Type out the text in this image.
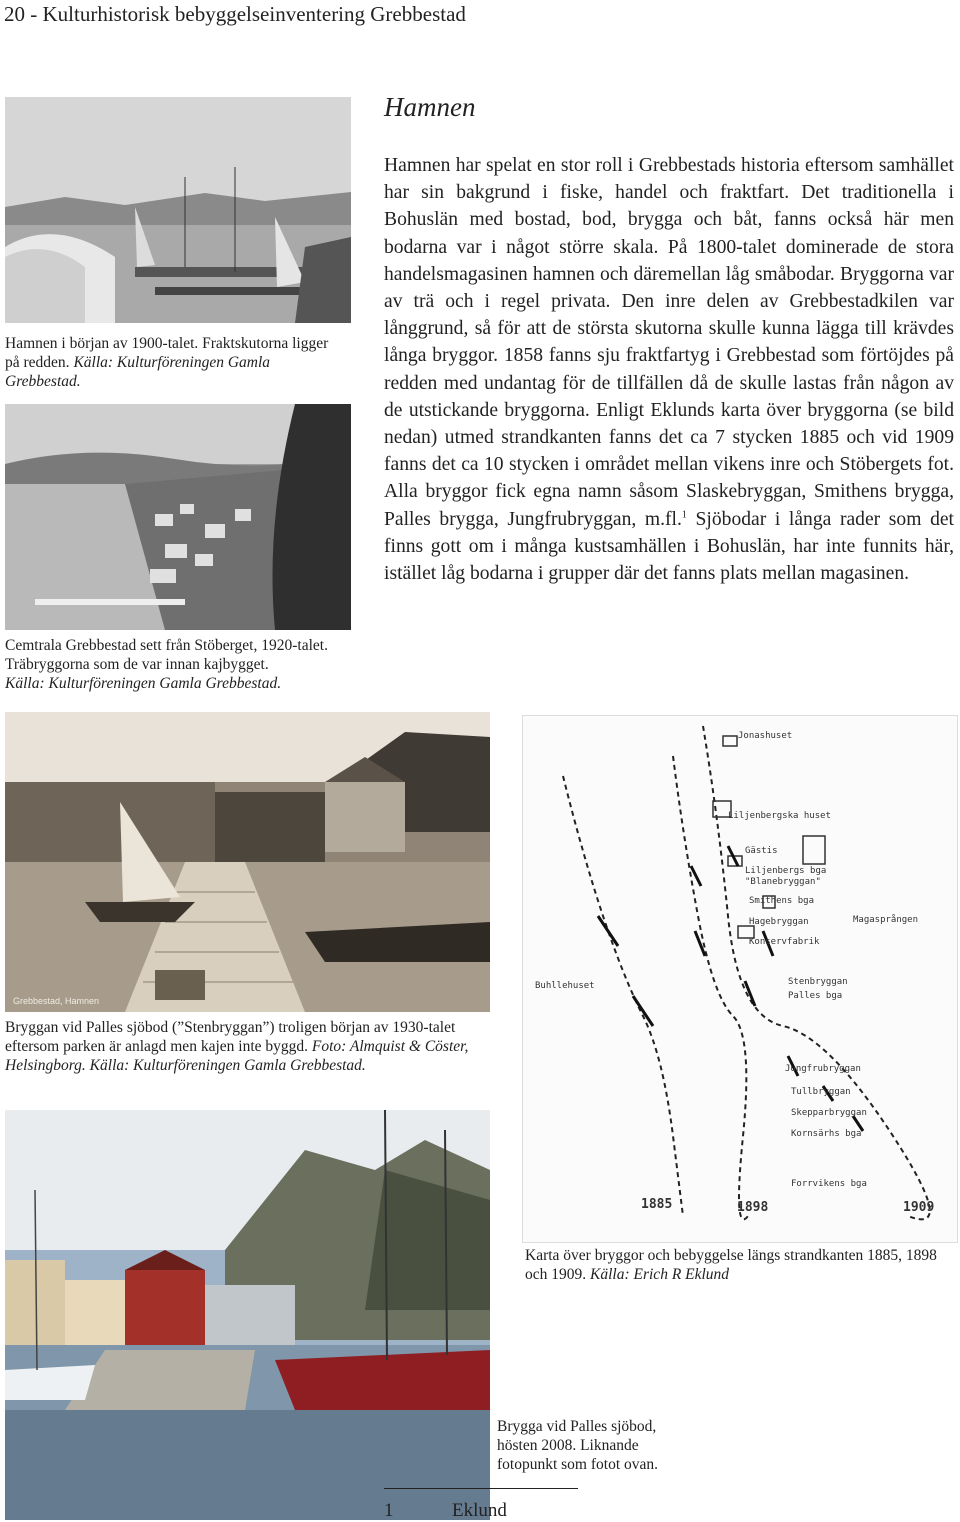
20 - Kulturhistorisk bebyggelseinventering Grebbestad
Hamnen i början av 1900-talet. Fraktskutorna ligger på redden. Källa: Kulturföreningen Gamla Grebbestad.
Cemtrala Grebbestad sett från Stöberget, 1920-talet. Träbryggorna som de var innan kajbygget.
Källa: Kulturföreningen Gamla Grebbestad.
Hamnen
Hamnen har spelat en stor roll i Grebbestads historia eftersom samhället har sin bakgrund i fiske, handel och fraktfart. Det traditionella i Bohuslän med bostad, bod, brygga och båt, fanns också här men bodarna var i något större skala. På 1800-talet dominerade de stora handelsmagasinen hamnen och däremellan låg småbodar. Bryggorna var av trä och i regel privata. Den inre delen av Grebbestadkilen var långgrund, så för att de största skutorna skulle kunna lägga till krävdes långa bryggor. 1858 fanns sju fraktfartyg i Grebbestad som förtöjdes på redden med undantag för de tillfällen då de skulle lastas från någon av de utstickande bryggorna. Enligt Eklunds karta över bryggorna (se bild nedan) utmed strandkanten fanns det ca 7 stycken 1885 och vid 1909 fanns det ca 10 stycken i området mellan vikens inre och Stöbergets fot. Alla bryggor fick egna namn såsom Slaskebryggan, Smithens brygga, Palles brygga, Jungfrubryggan, m.fl.$^1$ Sjöbodar i långa rader som det finns gott om i många kustsamhällen i Bohuslän, har inte funnits här, istället låg bodarna i grupper där det fanns plats mellan magasinen.
Grebbestad, Hamnen
Bryggan vid Palles sjöbod (”Stenbryggan”) troligen början av 1930-talet eftersom parken är anlagd men kajen inte byggd. Foto: Almquist & Cöster, Helsingborg. Källa: Kulturföreningen Gamla Grebbestad.
Jonashuset
Liljenbergska huset
Gästis
Liljenbergs bga
"Blanebryggan"
Smithens bga
Hagebryggan
Konservfabrik
Magasprången
Buhllehuset	Stenbryggan
Palles bga
Jungfrubryggan
Tullbryggan
Skepparbryggan
Kornsärhs bga
Forrvikens bga
1885	1898	1909
Karta över bryggor och bebyggelse längs strandkanten 1885, 1898 och 1909. Källa: Erich R Eklund
Brygga vid Palles sjöbod, hösten 2008. Liknande fotopunkt som fotot ovan.
1	Eklund
